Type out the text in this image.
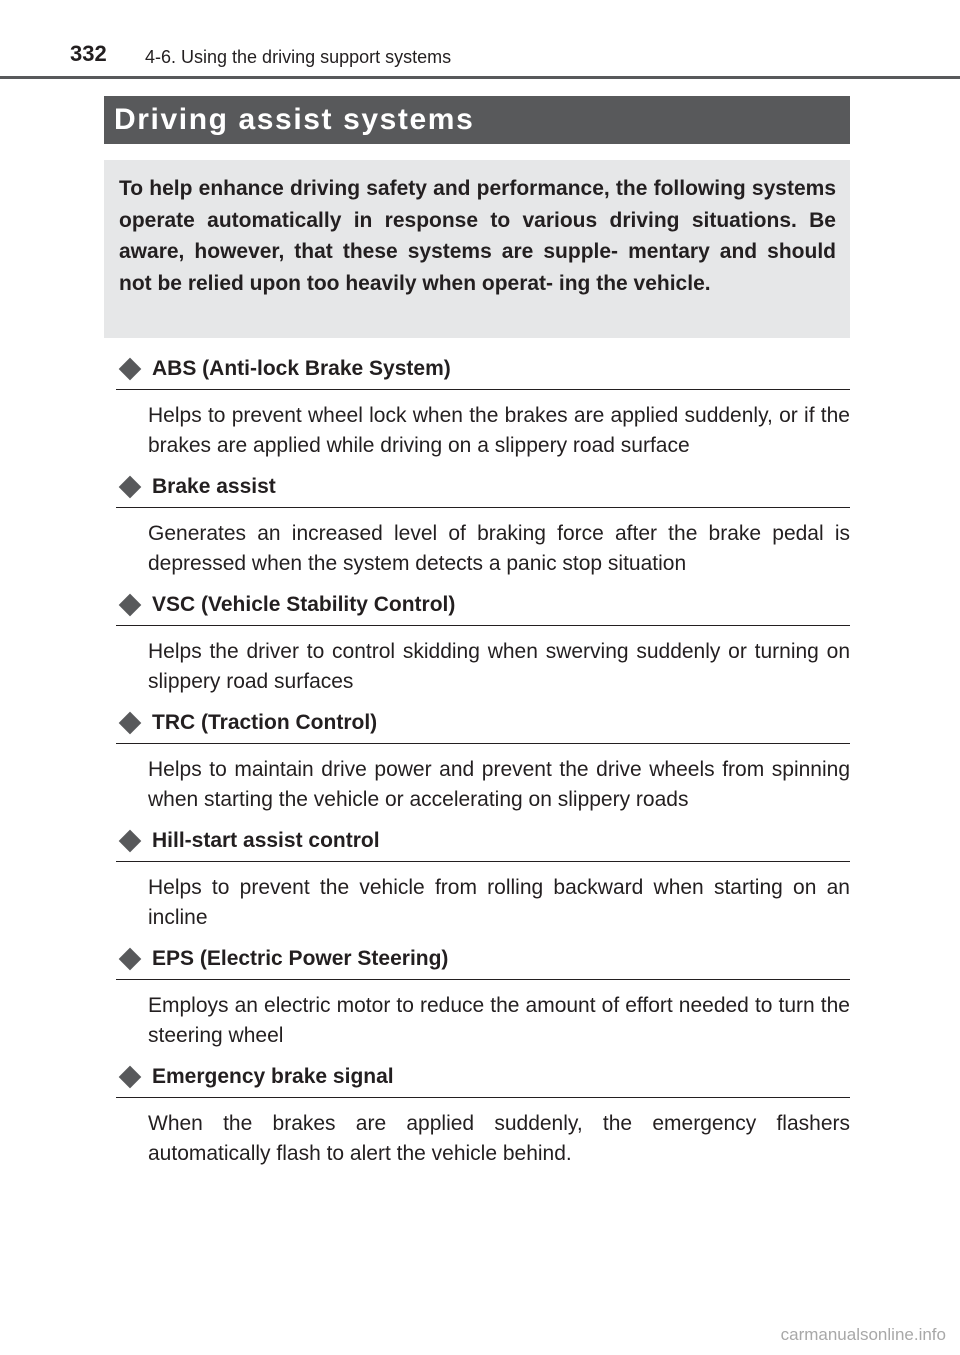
332 4-6. Using the driving support systems
Driving assist systems
To help enhance driving safety and performance, the following systems operate automatically in response to various driving situations. Be aware, however, that these systems are supple- mentary and should not be relied upon too heavily when operat- ing the vehicle.
ABS (Anti-lock Brake System)
Helps to prevent wheel lock when the brakes are applied suddenly, or if the brakes are applied while driving on a slippery road surface
Brake assist
Generates an increased level of braking force after the brake pedal is depressed when the system detects a panic stop situation
VSC (Vehicle Stability Control)
Helps the driver to control skidding when swerving suddenly or turning on slippery road surfaces
TRC (Traction Control)
Helps to maintain drive power and prevent the drive wheels from spinning when starting the vehicle or accelerating on slippery roads
Hill-start assist control
Helps to prevent the vehicle from rolling backward when starting on an incline
EPS (Electric Power Steering)
Employs an electric motor to reduce the amount of effort needed to turn the steering wheel
Emergency brake signal
When the brakes are applied suddenly, the emergency flashers automatically flash to alert the vehicle behind.
carmanualsonline.info
